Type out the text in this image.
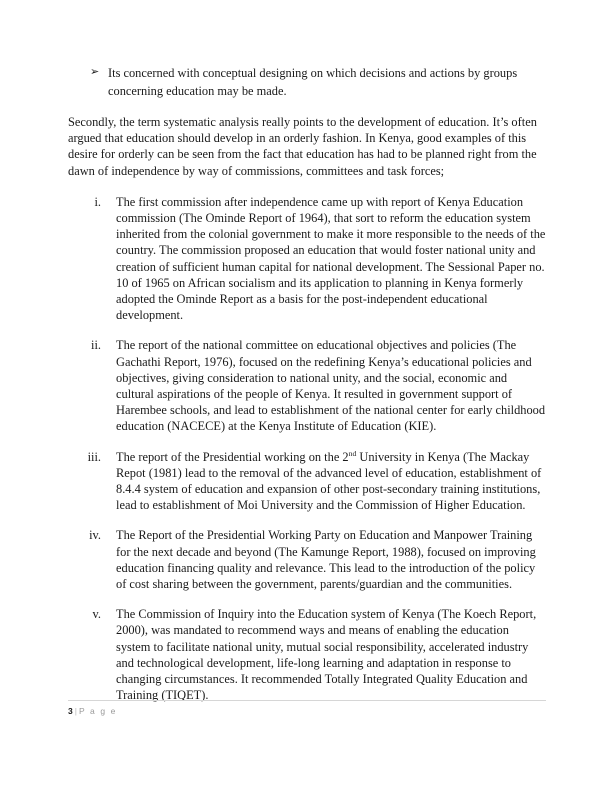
➢ Its concerned with conceptual designing on which decisions and actions by groups concerning education may be made.

Secondly, the term systematic analysis really points to the development of education. It’s often argued that education should develop in an orderly fashion. In Kenya, good examples of this desire for orderly can be seen from the fact that education has had to be planned right from the dawn of independence by way of commissions, committees and task forces;

i. The first commission after independence came up with report of Kenya Education commission (The Ominde Report of 1964), that sort to reform the education system inherited from the colonial government to make it more responsible to the needs of the country. The commission proposed an education that would foster national unity and creation of sufficient human capital for national development. The Sessional Paper no. 10 of 1965 on African socialism and its application to planning in Kenya formerly adopted the Ominde Report as a basis for the post-independent educational development.
ii. The report of the national committee on educational objectives and policies (The Gachathi Report, 1976), focused on the redefining Kenya’s educational policies and objectives, giving consideration to national unity, and the social, economic and cultural aspirations of the people of Kenya. It resulted in government support of Harembee schools, and lead to establishment of the national center for early childhood education (NACECE) at the Kenya Institute of Education (KIE).
iii. The report of the Presidential working on the 2nd University in Kenya (The Mackay Repot (1981) lead to the removal of the advanced level of education, establishment of 8.4.4 system of education and expansion of other post-secondary training institutions, lead to establishment of Moi University and the Commission of Higher Education.
iv. The Report of the Presidential Working Party on Education and Manpower Training for the next decade and beyond (The Kamunge Report, 1988), focused on improving education financing quality and relevance. This lead to the introduction of the policy of cost sharing between the government, parents/guardian and the communities.
v. The Commission of Inquiry into the Education system of Kenya (The Koech Report, 2000), was mandated to recommend ways and means of enabling the education system to facilitate national unity, mutual social responsibility, accelerated industry and technological development, life-long learning and adaptation in response to changing circumstances. It recommended Totally Integrated Quality Education and Training (TIQET).
3 | P a g e
